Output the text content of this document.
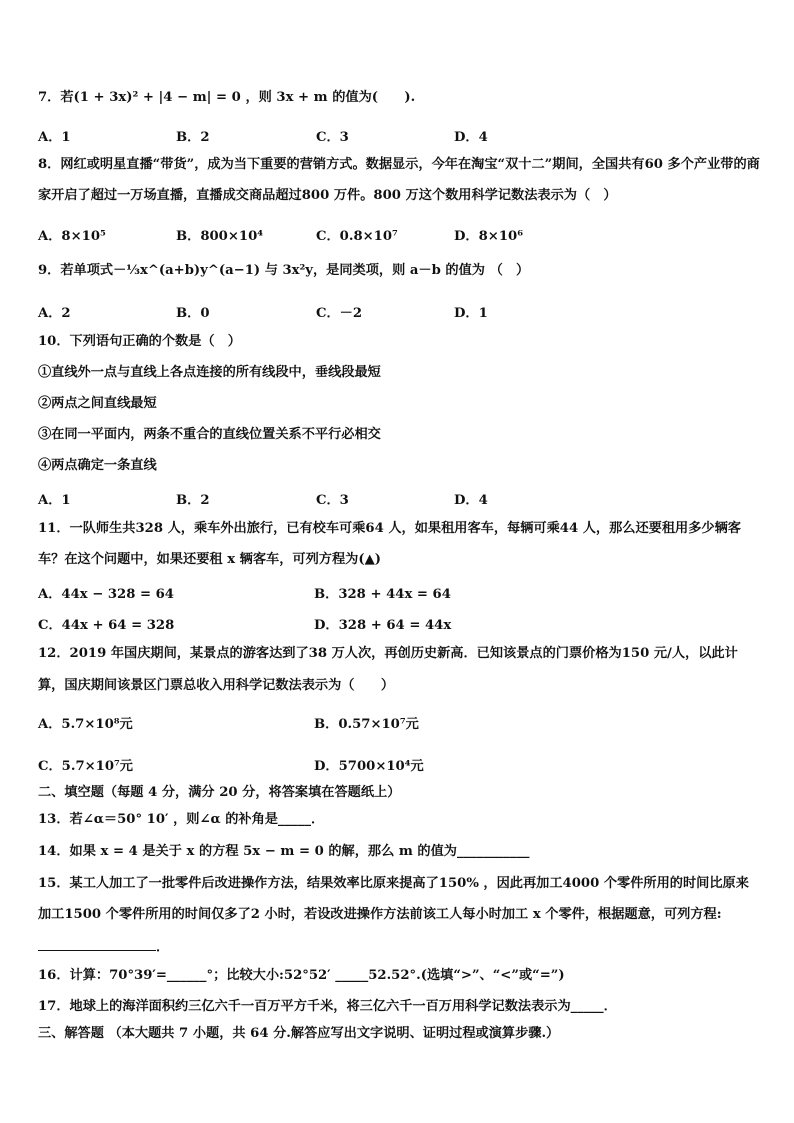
7．若(1 + 3x)² + |4 − m| = 0 ，则 3x + m 的值为(　　).
A．1	B．2	C．3	D．4
8．网红或明星直播“带货”，成为当下重要的营销方式。数据显示，今年在淘宝“双十二”期间，全国共有60 多个产业带的商家开启了超过一万场直播，直播成交商品超过800 万件。800 万这个数用科学记数法表示为（　）
A．8×10⁵	B．800×10⁴	C．0.8×10⁷	D．8×10⁶
9．若单项式－⅓x^(a+b)y^(a−1) 与 3x²y，是同类项，则 a－b 的值为 （　）
A．2	B．0	C．－2	D．1
10．下列语句正确的个数是（　）
①直线外一点与直线上各点连接的所有线段中，垂线段最短
②两点之间直线最短
③在同一平面内，两条不重合的直线位置关系不平行必相交
④两点确定一条直线
A．1	B．2	C．3	D．4
11．一队师生共328 人，乘车外出旅行，已有校车可乘64 人，如果租用客车，每辆可乘44 人，那么还要租用多少辆客车？在这个问题中，如果还要租 x 辆客车，可列方程为(▲)
A．44x − 328 = 64	B．328 + 44x = 64
C．44x + 64 = 328	D．328 + 64 = 44x
12．2019 年国庆期间，某景点的游客达到了38 万人次，再创历史新高．已知该景点的门票价格为150 元/人，以此计算，国庆期间该景区门票总收入用科学记数法表示为（　　）
A．5.7×10⁸元	B．0.57×10⁷元
C．5.7×10⁷元	D．5700×10⁴元
二、填空题（每题 4 分，满分 20 分，将答案填在答题纸上）
13．若∠α＝50° 10′ ，则∠α 的补角是_____．
14．如果 x = 4 是关于 x 的方程 5x − m = 0 的解，那么 m 的值为___________
15．某工人加工了一批零件后改进操作方法，结果效率比原来提高了150% ，因此再加工4000 个零件所用的时间比原来加工1500 个零件所用的时间仅多了2 小时，若设改进操作方法前该工人每小时加工 x 个零件，根据题意，可列方程:
．
16．计算：70°39′=______°；比较大小:52°52′ _____52.52°.(选填“>”、“<”或“=”)
17．地球上的海洋面积约三亿六千一百万平方千米，将三亿六千一百万用科学记数法表示为_____．
三、解答题 （本大题共 7 小题，共 64 分.解答应写出文字说明、证明过程或演算步骤.）
